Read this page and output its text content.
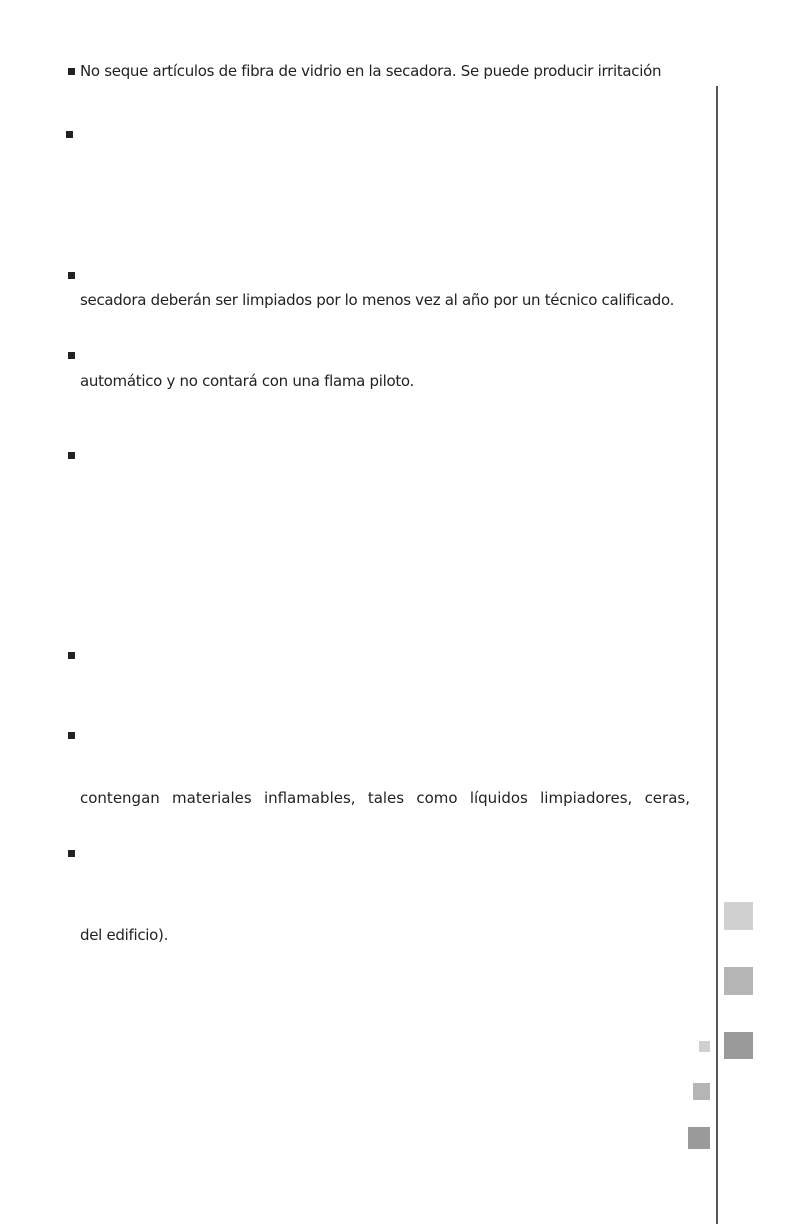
No seque artículos de fibra de vidrio en la secadora. Se puede producir irritación
secadora deberán ser limpiados por lo menos vez al año por un técnico calificado.
automático y no contará con una flama piloto.
contengan materiales inflamables, tales como líquidos limpiadores, ceras,
del edificio).
